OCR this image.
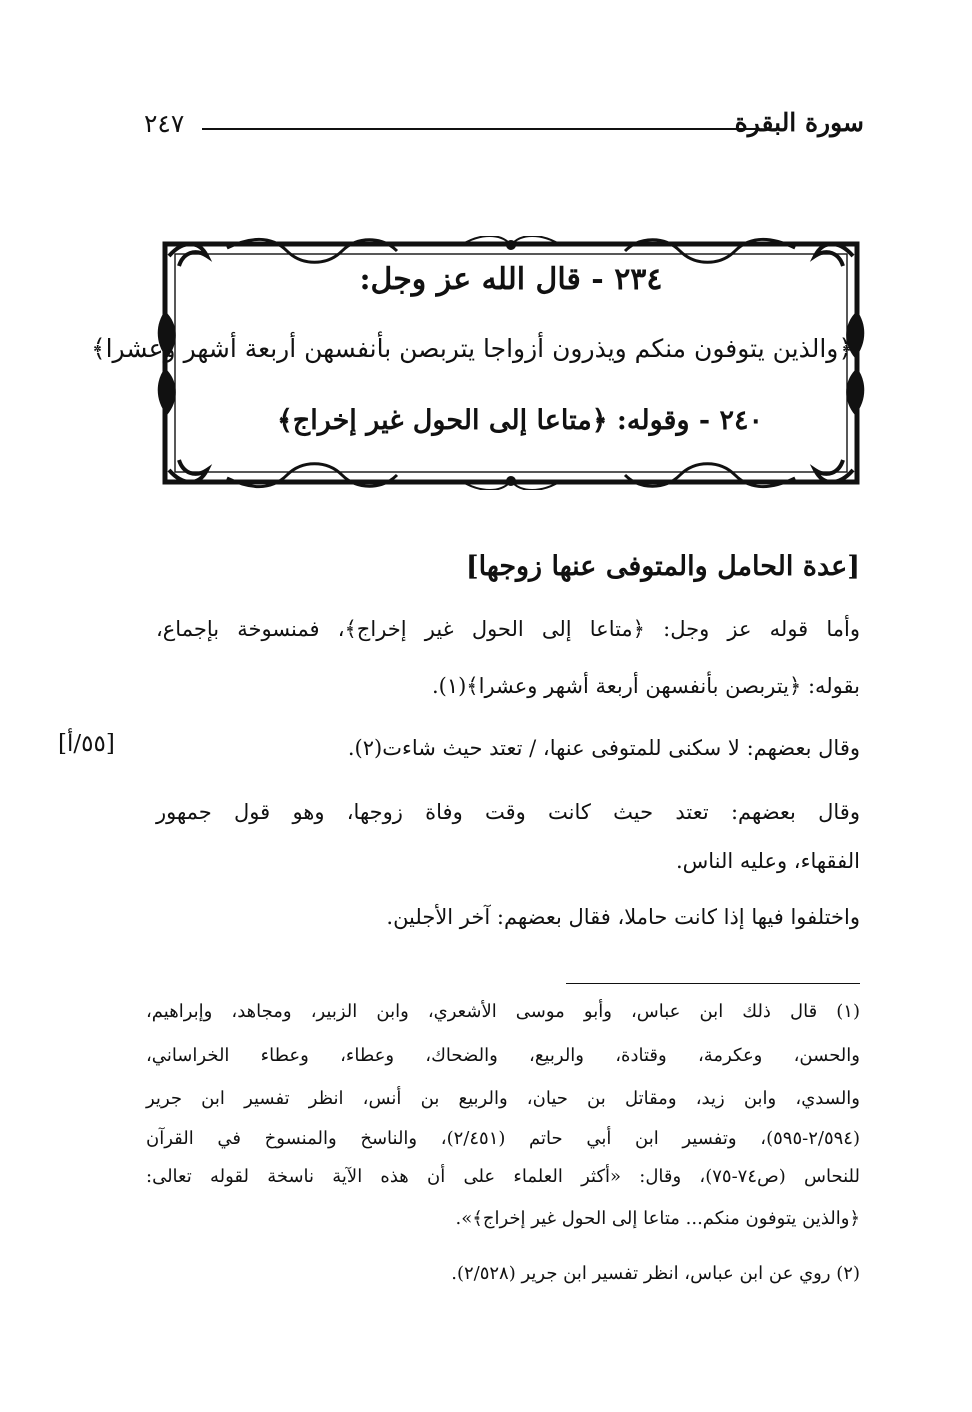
٢٤٧	سورة البقرة
٢٣٤ - قال الله عز وجل:
﴿والذين يتوفون منكم ويذرون أزواجا يتربصن بأنفسهن أربعة أشهر وعشرا﴾
٢٤٠ - وقوله: ﴿متاعا إلى الحول غير إخراج﴾
[عدة الحامل والمتوفى عنها زوجها]
وأما قوله عز وجل: ﴿متاعا إلى الحول غير إخراج﴾، فمنسوخة بإجماع،
بقوله: ﴿يتربصن بأنفسهن أربعة أشهر وعشرا﴾(١).
وقال بعضهم: لا سكنى للمتوفى عنها، / تعتد حيث شاءت(٢).
[٥٥/أ]
وقال بعضهم: تعتد حيث كانت وقت وفاة زوجها، وهو قول جمهور
الفقهاء، وعليه الناس.
واختلفوا فيها إذا كانت حاملا، فقال بعضهم: آخر الأجلين.
(١) قال ذلك ابن عباس، وأبو موسى الأشعري، وابن الزبير، ومجاهد، وإبراهيم،
والحسن، وعكرمة، وقتادة، والربيع، والضحاك، وعطاء، وعطاء الخراساني،
والسدي، وابن زيد، ومقاتل بن حيان، والربيع بن أنس، انظر تفسير ابن جرير
(٢/٥٩٤-٥٩٥)، وتفسير ابن أبي حاتم (٢/٤٥١)، والناسخ والمنسوخ في القرآن
للنحاس (ص٧٤-٧٥)، وقال: «أكثر العلماء على أن هذه الآية ناسخة لقوله تعالى:
﴿والذين يتوفون منكم... متاعا إلى الحول غير إخراج﴾».
(٢) روي عن ابن عباس، انظر تفسير ابن جرير (٢/٥٢٨).
